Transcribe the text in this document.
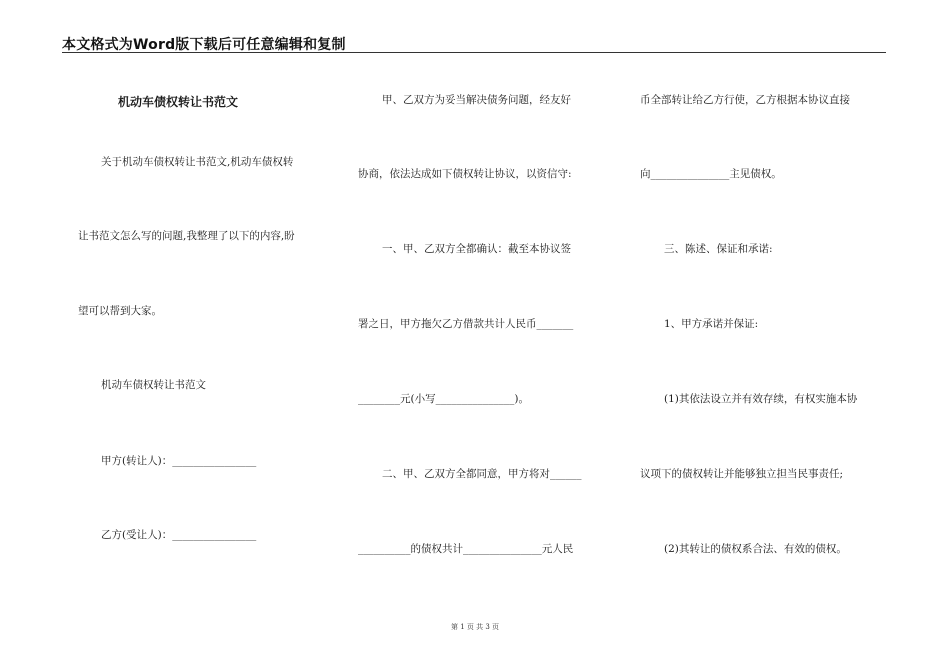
本文格式为Word版下载后可任意编辑和复制
机动车债权转让书范文
关于机动车债权转让书范文,机动车债权转
让书范文怎么写的问题,我整理了以下的内容,盼
望可以帮到大家。
机动车债权转让书范文
甲方(转让人)：________________
乙方(受让人)：________________
甲、乙双方为妥当解决债务问题，经友好
协商，依法达成如下债权转让协议，以资信守:
一、甲、乙双方全都确认：截至本协议签
署之日，甲方拖欠乙方借款共计人民币_______
________元(小写_______________)。
二、甲、乙双方全都同意，甲方将对______
__________的债权共计_______________元人民
币全部转让给乙方行使，乙方根据本协议直接
向_______________主见债权。
三、陈述、保证和承诺:
1、甲方承诺并保证:
(1)其依法设立并有效存续，有权实施本协
议项下的债权转让并能够独立担当民事责任;
(2)其转让的债权系合法、有效的债权。
第 1 页 共 3 页
